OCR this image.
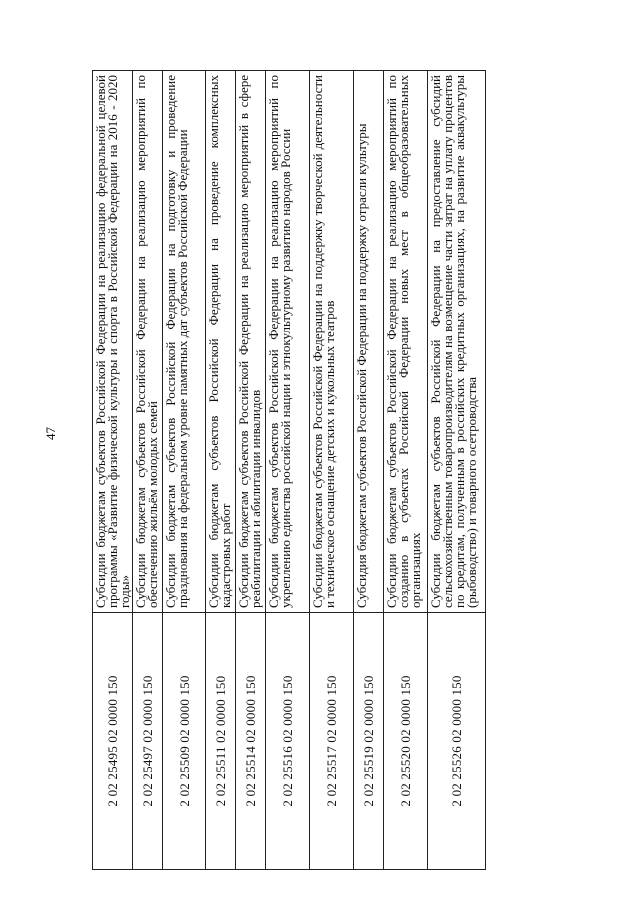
47
2 02 25495 02 0000 150	Субсидии бюджетам субъектов Российской Федерации на реализацию федеральной целевой программы «Развитие физической культуры и спорта в Российской Федерации на 2016 - 2020 годы»
2 02 25497 02 0000 150	Субсидии бюджетам субъектов Российской Федерации на реализацию мероприятий по обеспечению жильём молодых семей
2 02 25509 02 0000 150	Субсидии бюджетам субъектов Российской Федерации на подготовку и проведение празднования на федеральном уровне памятных дат субъектов Российской Федерации
2 02 25511 02 0000 150	Субсидии бюджетам субъектов Российской Федерации на проведение комплексных кадастровых работ
2 02 25514 02 0000 150	Субсидии бюджетам субъектов Российской Федерации на реализацию мероприятий в сфере реабилитации и абилитации инвалидов
2 02 25516 02 0000 150	Субсидии бюджетам субъектов Российской Федерации на реализацию мероприятий по укреплению единства российской нации и этнокультурному развитию народов России
2 02 25517 02 0000 150	Субсидии бюджетам субъектов Российской Федерации на поддержку творческой деятельности и техническое оснащение детских и кукольных театров
2 02 25519 02 0000 150	Субсидия бюджетам субъектов Российской Федерации на поддержку отрасли культуры
2 02 25520 02 0000 150	Субсидии бюджетам субъектов Российской Федерации на реализацию мероприятий по созданию в субъектах Российской Федерации новых мест в общеобразовательных организациях
2 02 25526 02 0000 150	Субсидии бюджетам субъектов Российской Федерации на предоставление субсидий сельскохозяйственным товаропроизводителям на возмещение части затрат на уплату процентов по кредитам, полученным в российских кредитных организациях, на развитие аквакультуры (рыбоводство) и товарного осетроводства
